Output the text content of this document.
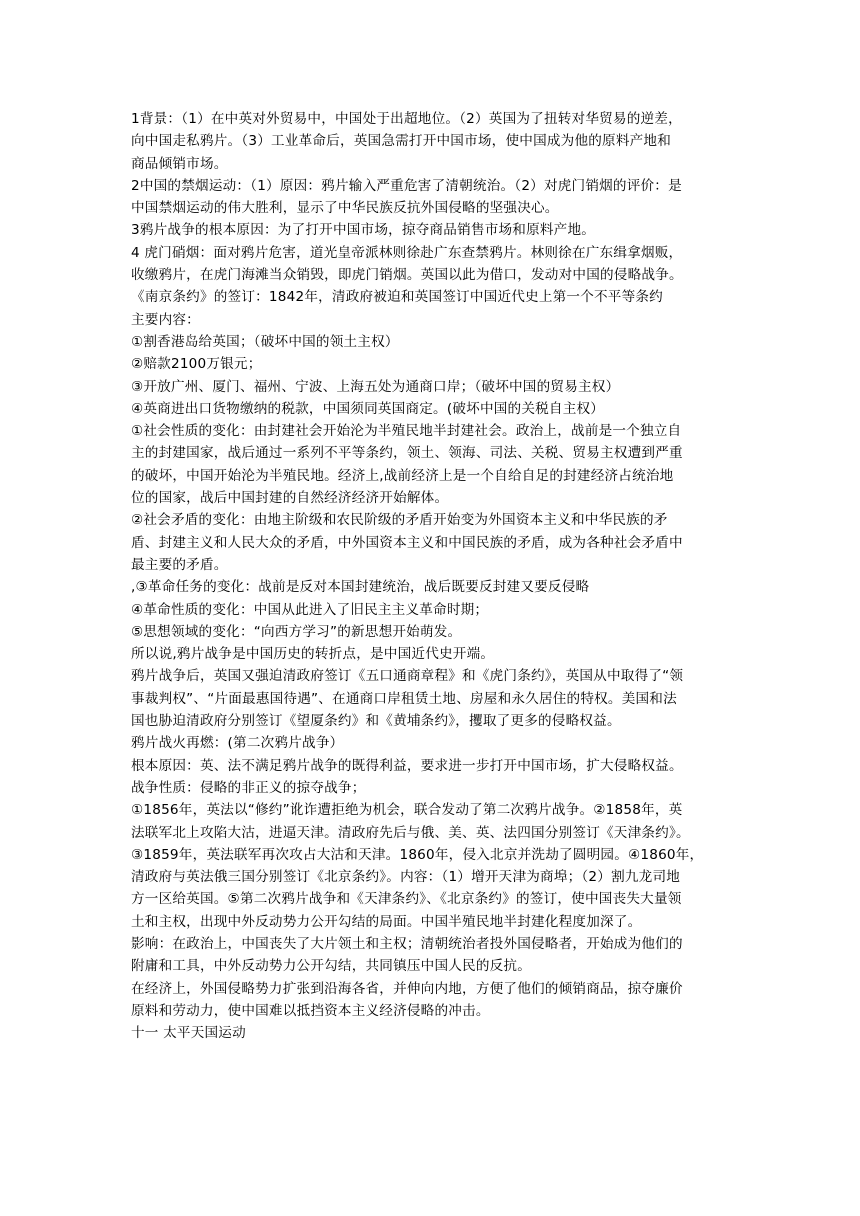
1背景：（1）在中英对外贸易中，中国处于出超地位。（2）英国为了扭转对华贸易的逆差，
向中国走私鸦片。（3）工业革命后，英国急需打开中国市场，使中国成为他的原料产地和
商品倾销市场。
2中国的禁烟运动：（1）原因：鸦片输入严重危害了清朝统治。（2）对虎门销烟的评价：是
中国禁烟运动的伟大胜利，显示了中华民族反抗外国侵略的坚强决心。
3鸦片战争的根本原因：为了打开中国市场，掠夺商品销售市场和原料产地。
4 虎门硝烟：面对鸦片危害，道光皇帝派林则徐赴广东查禁鸦片。林则徐在广东缉拿烟贩，
收缴鸦片，在虎门海滩当众销毁，即虎门销烟。英国以此为借口，发动对中国的侵略战争。
《南京条约》的签订：1842年，清政府被迫和英国签订中国近代史上第一个不平等条约
主要内容：
①割香港岛给英国；（破坏中国的领土主权）
②赔款2100万银元；
③开放广州、厦门、福州、宁波、上海五处为通商口岸；（破坏中国的贸易主权）
④英商进出口货物缴纳的税款，中国须同英国商定。(破坏中国的关税自主权）
①社会性质的变化：由封建社会开始沦为半殖民地半封建社会。政治上，战前是一个独立自
主的封建国家，战后通过一系列不平等条约，领土、领海、司法、关税、贸易主权遭到严重
的破坏，中国开始沦为半殖民地。经济上,战前经济上是一个自给自足的封建经济占统治地
位的国家，战后中国封建的自然经济经济开始解体。
②社会矛盾的变化：由地主阶级和农民阶级的矛盾开始变为外国资本主义和中华民族的矛
盾、封建主义和人民大众的矛盾，中外国资本主义和中国民族的矛盾，成为各种社会矛盾中
最主要的矛盾。
,③革命任务的变化：战前是反对本国封建统治，战后既要反封建又要反侵略
④革命性质的变化：中国从此进入了旧民主主义革命时期；
⑤思想领域的变化：“向西方学习”的新思想开始萌发。
所以说,鸦片战争是中国历史的转折点，是中国近代史开端。
鸦片战争后，英国又强迫清政府签订《五口通商章程》和《虎门条约》，英国从中取得了“领
事裁判权”、“片面最惠国待遇”、在通商口岸租赁土地、房屋和永久居住的特权。美国和法
国也胁迫清政府分别签订《望厦条约》和《黄埔条约》，攫取了更多的侵略权益。
鸦片战火再燃：(第二次鸦片战争）
根本原因：英、法不满足鸦片战争的既得利益，要求进一步打开中国市场，扩大侵略权益。
战争性质：侵略的非正义的掠夺战争；
①1856年，英法以“修约”讹诈遭拒绝为机会，联合发动了第二次鸦片战争。②1858年，英
法联军北上攻陷大沽，进逼天津。清政府先后与俄、美、英、法四国分别签订《天津条约》。
③1859年，英法联军再次攻占大沽和天津。1860年，侵入北京并洗劫了圆明园。④1860年，
清政府与英法俄三国分别签订《北京条约》。内容：（1）增开天津为商埠；（2）割九龙司地
方一区给英国。⑤第二次鸦片战争和《天津条约》、《北京条约》的签订，使中国丧失大量领
土和主权，出现中外反动势力公开勾结的局面。中国半殖民地半封建化程度加深了。
影响：在政治上，中国丧失了大片领土和主权；清朝统治者投外国侵略者，开始成为他们的
附庸和工具，中外反动势力公开勾结，共同镇压中国人民的反抗。
在经济上，外国侵略势力扩张到沿海各省，并伸向内地，方便了他们的倾销商品，掠夺廉价
原料和劳动力，使中国难以抵挡资本主义经济侵略的冲击。
十一 太平天国运动
